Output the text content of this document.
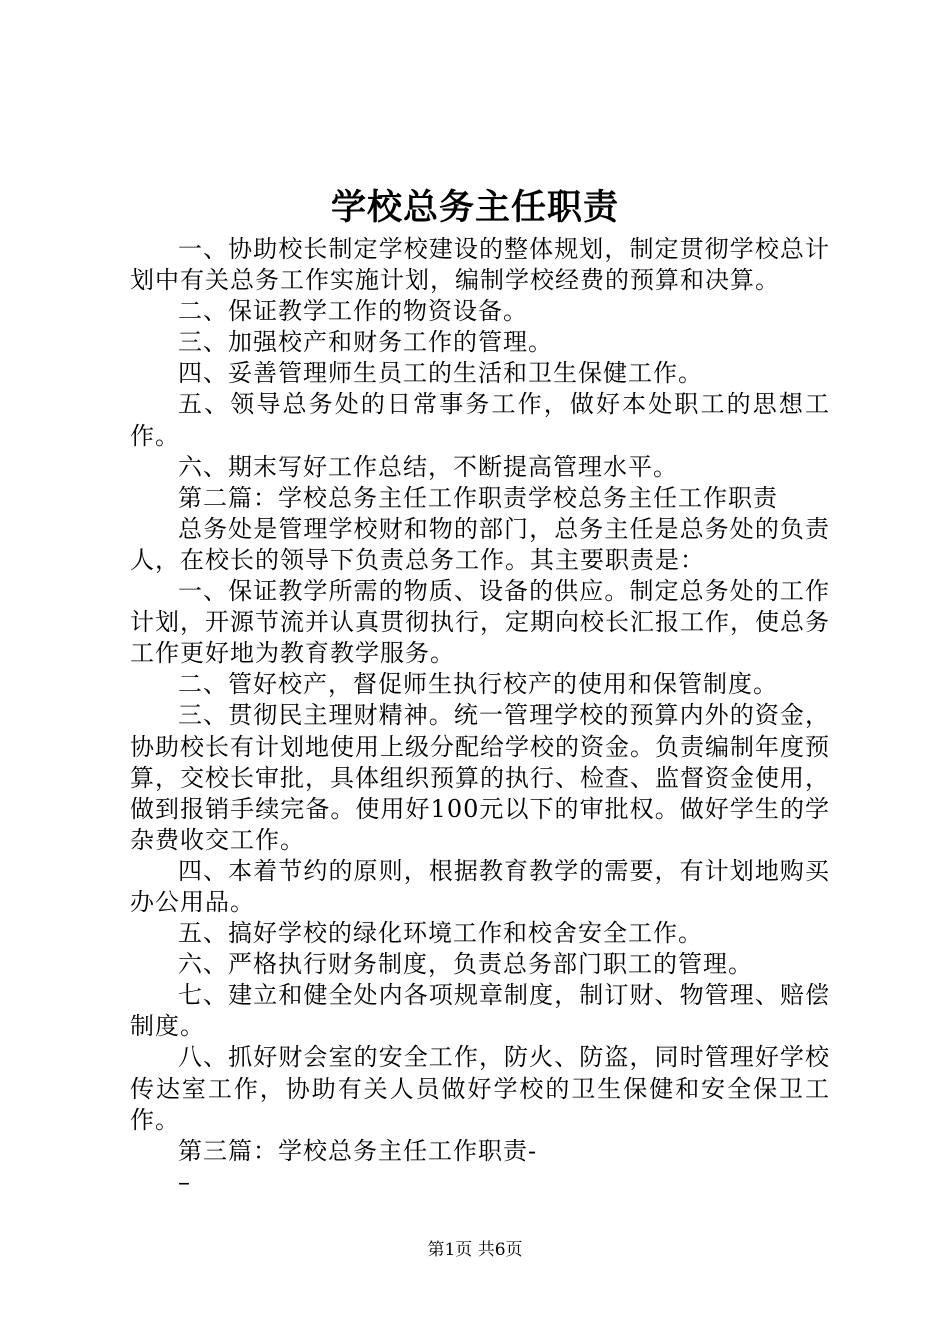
学校总务主任职责

一、协助校长制定学校建设的整体规划，制定贯彻学校总计划中有关总务工作实施计划，编制学校经费的预算和决算。

二、保证教学工作的物资设备。

三、加强校产和财务工作的管理。

四、妥善管理师生员工的生活和卫生保健工作。

五、领导总务处的日常事务工作，做好本处职工的思想工作。

六、期末写好工作总结，不断提高管理水平。

第二篇：学校总务主任工作职责学校总务主任工作职责

总务处是管理学校财和物的部门，总务主任是总务处的负责人，在校长的领导下负责总务工作。其主要职责是：

一、保证教学所需的物质、设备的供应。制定总务处的工作计划，开源节流并认真贯彻执行，定期向校长汇报工作，使总务工作更好地为教育教学服务。

二、管好校产，督促师生执行校产的使用和保管制度。

三、贯彻民主理财精神。统一管理学校的预算内外的资金，协助校长有计划地使用上级分配给学校的资金。负责编制年度预算，交校长审批，具体组织预算的执行、检查、监督资金使用，做到报销手续完备。使用好100元以下的审批权。做好学生的学杂费收交工作。

四、本着节约的原则，根据教育教学的需要，有计划地购买办公用品。

五、搞好学校的绿化环境工作和校舍安全工作。

六、严格执行财务制度，负责总务部门职工的管理。

七、建立和健全处内各项规章制度，制订财、物管理、赔偿制度。

八、抓好财会室的安全工作，防火、防盗，同时管理好学校传达室工作，协助有关人员做好学校的卫生保健和安全保卫工作。

第三篇：学校总务主任工作职责-

–

第1页 共6页
